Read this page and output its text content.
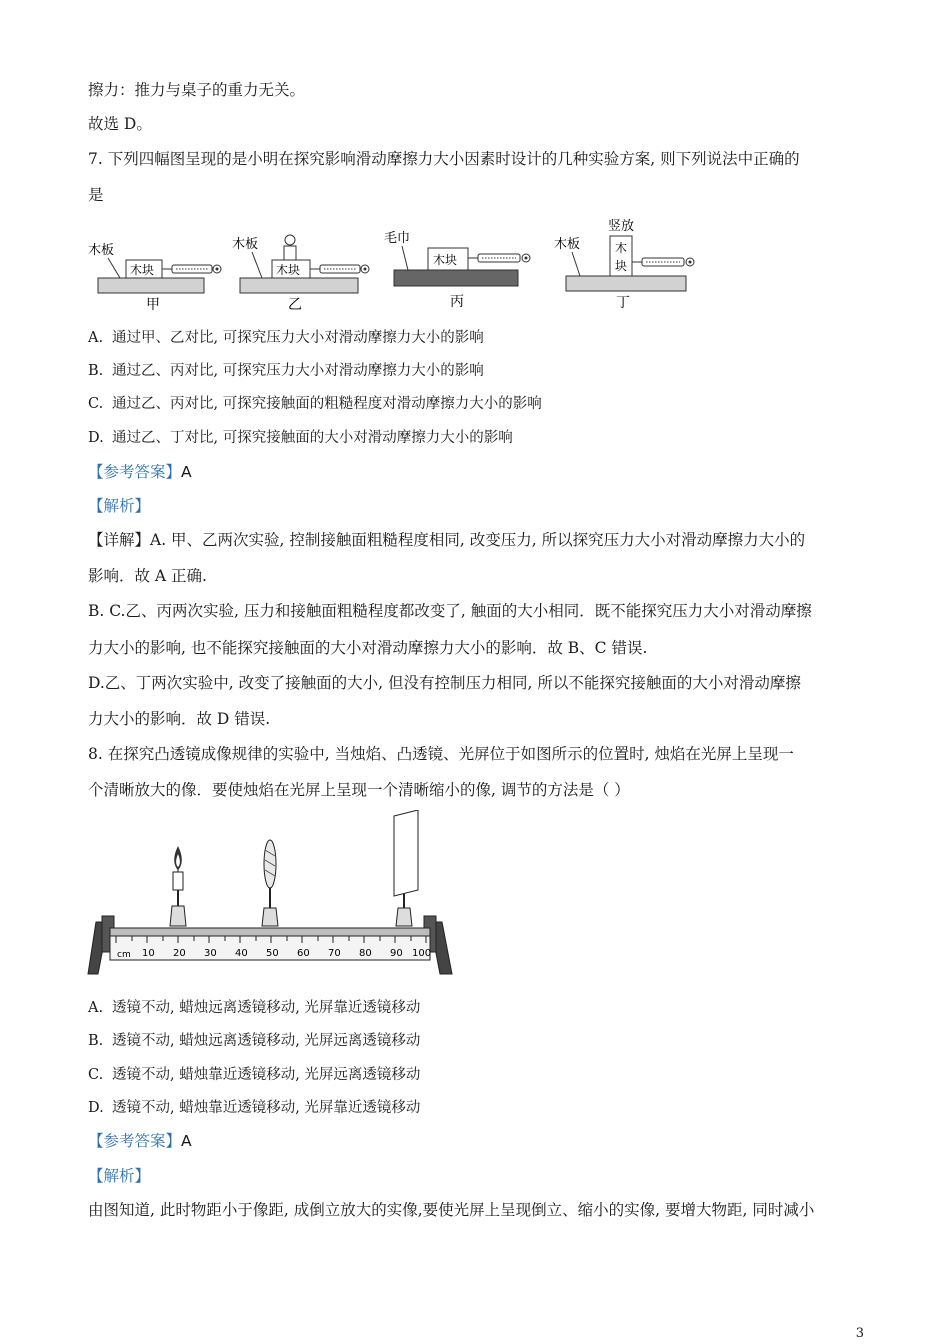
擦力：推力与桌子的重力无关。
故选 D。
7. 下列四幅图呈现的是小明在探究影响滑动摩擦力大小因素时设计的几种实验方案, 则下列说法中正确的
是
木板
木块
甲
木板
木块
乙
毛巾
木块
丙
木板
竖放
木
块
丁
A. 通过甲、乙对比, 可探究压力大小对滑动摩擦力大小的影响
B. 通过乙、丙对比, 可探究压力大小对滑动摩擦力大小的影响
C. 通过乙、丙对比, 可探究接触面的粗糙程度对滑动摩擦力大小的影响
D. 通过乙、丁对比, 可探究接触面的大小对滑动摩擦力大小的影响
【参考答案】A
【解析】
【详解】A. 甲、乙两次实验, 控制接触面粗糙程度相同, 改变压力, 所以探究压力大小对滑动摩擦力大小的
影响．故 A 正确.
B. C.乙、丙两次实验, 压力和接触面粗糙程度都改变了, 触面的大小相同．既不能探究压力大小对滑动摩擦
力大小的影响, 也不能探究接触面的大小对滑动摩擦力大小的影响．故 B、C 错误.
D.乙、丁两次实验中, 改变了接触面的大小, 但没有控制压力相同, 所以不能探究接触面的大小对滑动摩擦
力大小的影响．故 D 错误.
8. 在探究凸透镜成像规律的实验中, 当烛焰、凸透镜、光屏位于如图所示的位置时, 烛焰在光屏上呈现一
个清晰放大的像．要使烛焰在光屏上呈现一个清晰缩小的像, 调节的方法是（ ）
cm 10 20 30 40 50 60 70 80 90 100
A. 透镜不动, 蜡烛远离透镜移动, 光屏靠近透镜移动
B. 透镜不动, 蜡烛远离透镜移动, 光屏远离透镜移动
C. 透镜不动, 蜡烛靠近透镜移动, 光屏远离透镜移动
D. 透镜不动, 蜡烛靠近透镜移动, 光屏靠近透镜移动
【参考答案】A
【解析】
由图知道, 此时物距小于像距, 成倒立放大的实像,要使光屏上呈现倒立、缩小的实像, 要增大物距, 同时减小
3
